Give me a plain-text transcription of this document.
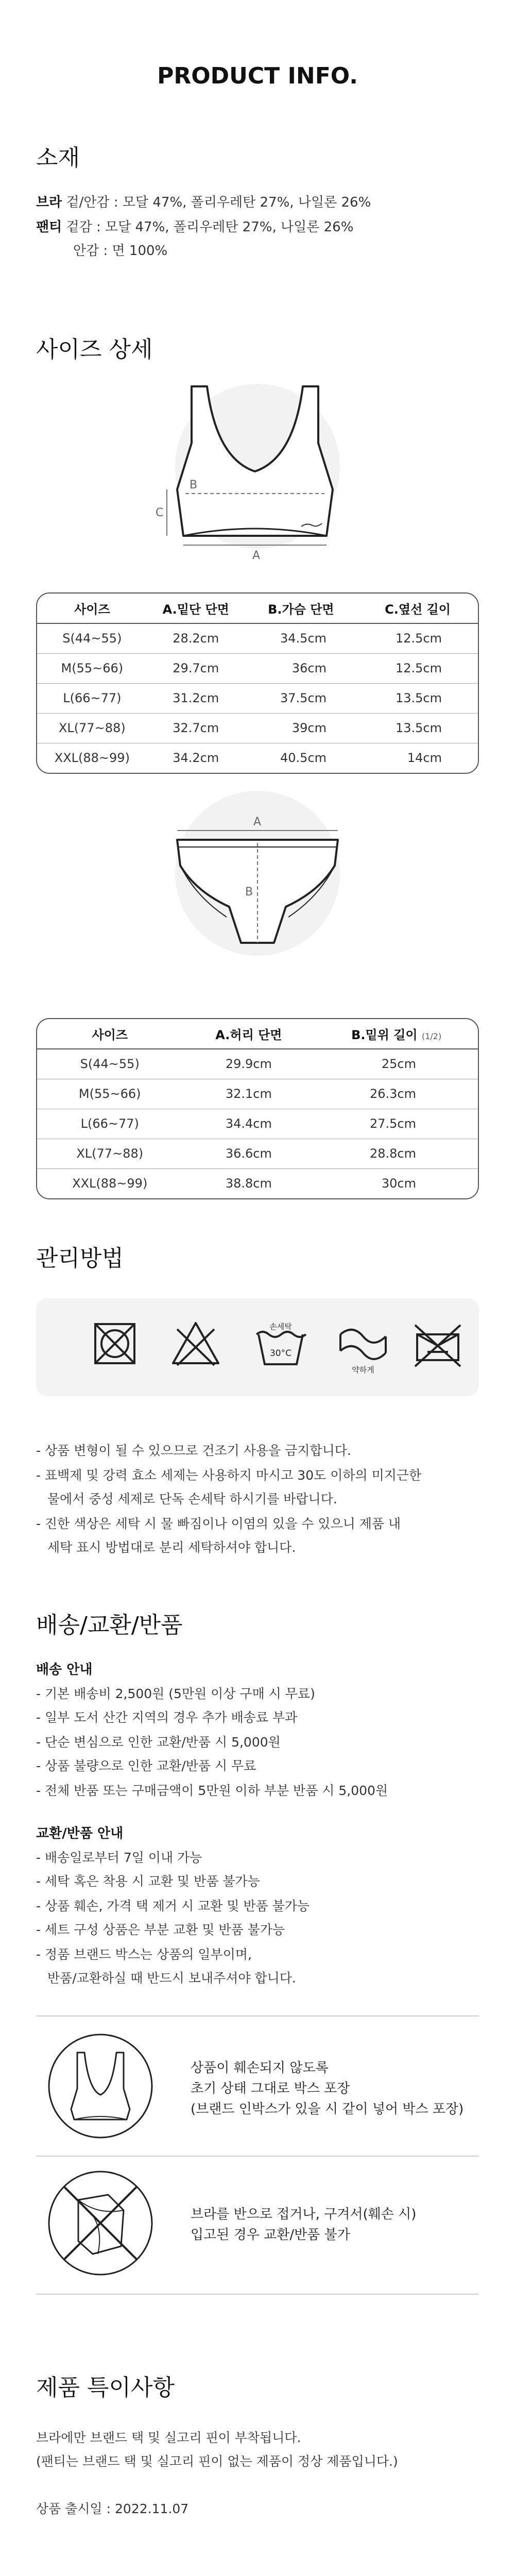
PRODUCT INFO.
소재
브라 겉/안감 : 모달 47%, 폴리우레탄 27%, 나일론 26%
팬티 겉감 : 모달 47%, 폴리우레탄 27%, 나일론 26%
안감 : 면 100%
사이즈 상세
B
A
C
사이즈	A.밑단 단면	B.가슴 단면	C.옆선 길이
S(44~55)	28.2cm	34.5cm	12.5cm
M(55~66)	29.7cm	36cm	12.5cm
L(66~77)	31.2cm	37.5cm	13.5cm
XL(77~88)	32.7cm	39cm	13.5cm
XXL(88~99)	34.2cm	40.5cm	14cm
A
B
사이즈	A.허리 단면	B.밑위 길이 (1/2)
S(44~55)	29.9cm	25cm
M(55~66)	32.1cm	26.3cm
L(66~77)	34.4cm	27.5cm
XL(77~88)	36.6cm	28.8cm
XXL(88~99)	38.8cm	30cm
관리방법
손세탁
30°C
약하게
- 상품 변형이 될 수 있으므로 건조기 사용을 금지합니다.
- 표백제 및 강력 효소 세제는 사용하지 마시고 30도 이하의 미지근한
물에서 중성 세제로 단독 손세탁 하시기를 바랍니다.
- 진한 색상은 세탁 시 물 빠짐이나 이염의 있을 수 있으니 제품 내
세탁 표시 방법대로 분리 세탁하셔야 합니다.
배송/교환/반품
배송 안내
- 기본 배송비 2,500원 (5만원 이상 구매 시 무료)
- 일부 도서 산간 지역의 경우 추가 배송료 부과
- 단순 변심으로 인한 교환/반품 시 5,000원
- 상품 불량으로 인한 교환/반품 시 무료
- 전체 반품 또는 구매금액이 5만원 이하 부분 반품 시 5,000원
교환/반품 안내
- 배송일로부터 7일 이내 가능
- 세탁 혹은 착용 시 교환 및 반품 불가능
- 상품 훼손, 가격 택 제거 시 교환 및 반품 불가능
- 세트 구성 상품은 부분 교환 및 반품 불가능
- 정품 브랜드 박스는 상품의 일부이며,
반품/교환하실 때 반드시 보내주셔야 합니다.
상품이 훼손되지 않도록
초기 상태 그대로 박스 포장
(브랜드 인박스가 있을 시 같이 넣어 박스 포장)
브라를 반으로 접거나, 구겨서(훼손 시)
입고된 경우 교환/반품 불가
제품 특이사항
브라에만 브랜드 택 및 실고리 핀이 부착됩니다.
(팬티는 브랜드 택 및 실고리 핀이 없는 제품이 정상 제품입니다.)
상품 출시일 : 2022.11.07
